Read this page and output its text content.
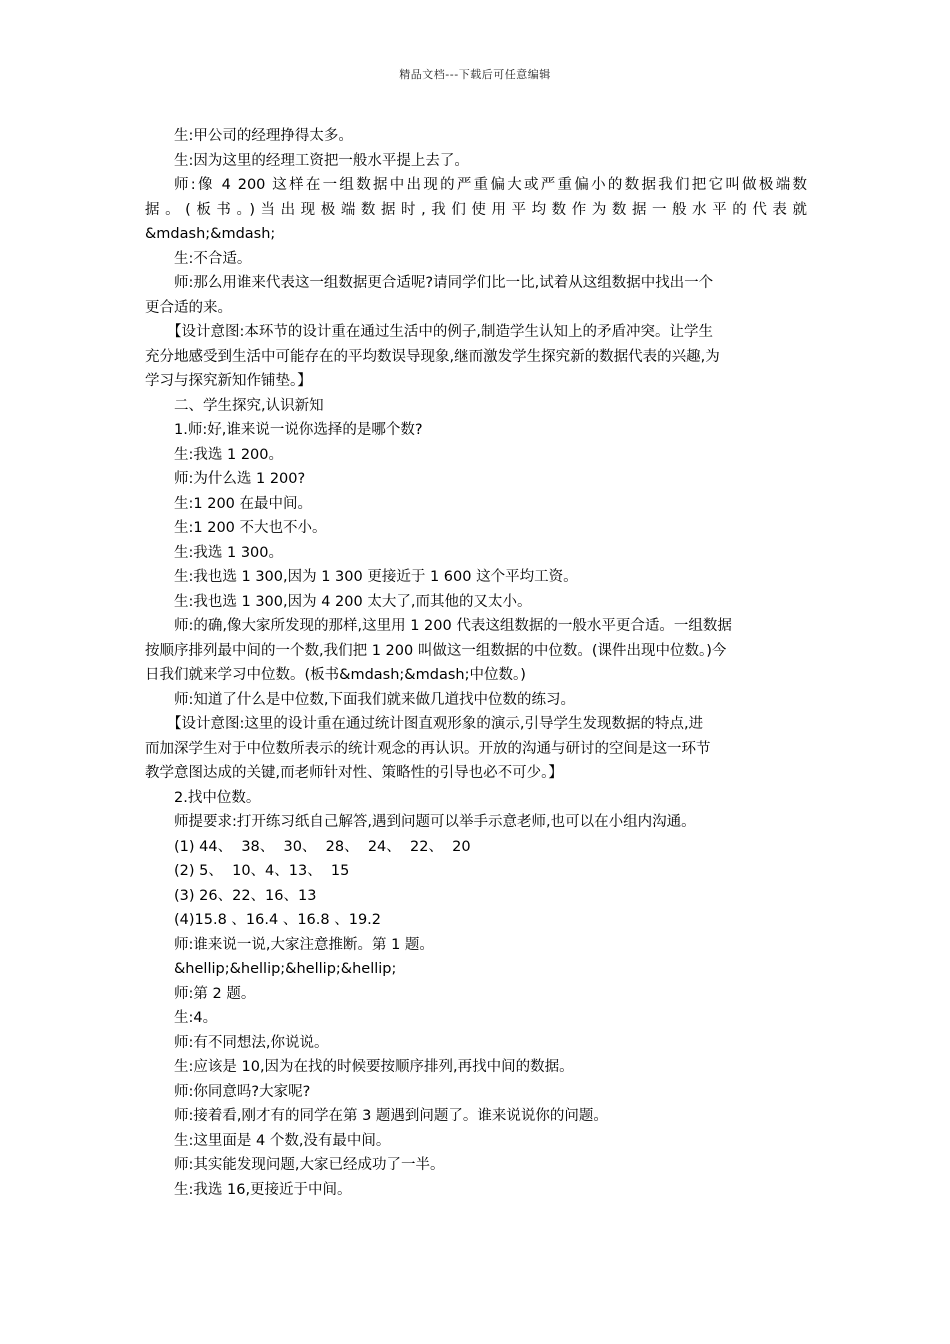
精品文档---下载后可任意编辑
生:甲公司的经理挣得太多。
生:因为这里的经理工资把一般水平提上去了。
师:像 4 200 这样在一组数据中出现的严重偏大或严重偏小的数据我们把它叫做极端数
据。(板书。)当出现极端数据时,我们使用平均数作为数据一般水平的代表就
&mdash;&mdash;
生:不合适。
师:那么用谁来代表这一组数据更合适呢?请同学们比一比,试着从这组数据中找出一个
更合适的来。
【设计意图:本环节的设计重在通过生活中的例子,制造学生认知上的矛盾冲突。让学生
充分地感受到生活中可能存在的平均数误导现象,继而激发学生探究新的数据代表的兴趣,为
学习与探究新知作铺垫。】
二、学生探究,认识新知
1.师:好,谁来说一说你选择的是哪个数?
生:我选 1 200。
师:为什么选 1 200?
生:1 200 在最中间。
生:1 200 不大也不小。
生:我选 1 300。
生:我也选 1 300,因为 1 300 更接近于 1 600 这个平均工资。
生:我也选 1 300,因为 4 200 太大了,而其他的又太小。
师:的确,像大家所发现的那样,这里用 1 200 代表这组数据的一般水平更合适。一组数据
按顺序排列最中间的一个数,我们把 1 200 叫做这一组数据的中位数。(课件出现中位数。)今
日我们就来学习中位数。(板书&mdash;&mdash;中位数。)
师:知道了什么是中位数,下面我们就来做几道找中位数的练习。
【设计意图:这里的设计重在通过统计图直观形象的演示,引导学生发现数据的特点,进
而加深学生对于中位数所表示的统计观念的再认识。开放的沟通与研讨的空间是这一环节
教学意图达成的关键,而老师针对性、策略性的引导也必不可少。】
2.找中位数。
师提要求:打开练习纸自己解答,遇到问题可以举手示意老师,也可以在小组内沟通。
(1) 44、  38、  30、  28、  24、  22、  20
(2) 5、  10、4、13、  15
(3) 26、22、16、13
(4)15.8 、16.4 、16.8 、19.2
师:谁来说一说,大家注意推断。第 1 题。
&hellip;&hellip;&hellip;&hellip;
师:第 2 题。
生:4。
师:有不同想法,你说说。
生:应该是 10,因为在找的时候要按顺序排列,再找中间的数据。
师:你同意吗?大家呢?
师:接着看,刚才有的同学在第 3 题遇到问题了。谁来说说你的问题。
生:这里面是 4 个数,没有最中间。
师:其实能发现问题,大家已经成功了一半。
生:我选 16,更接近于中间。
